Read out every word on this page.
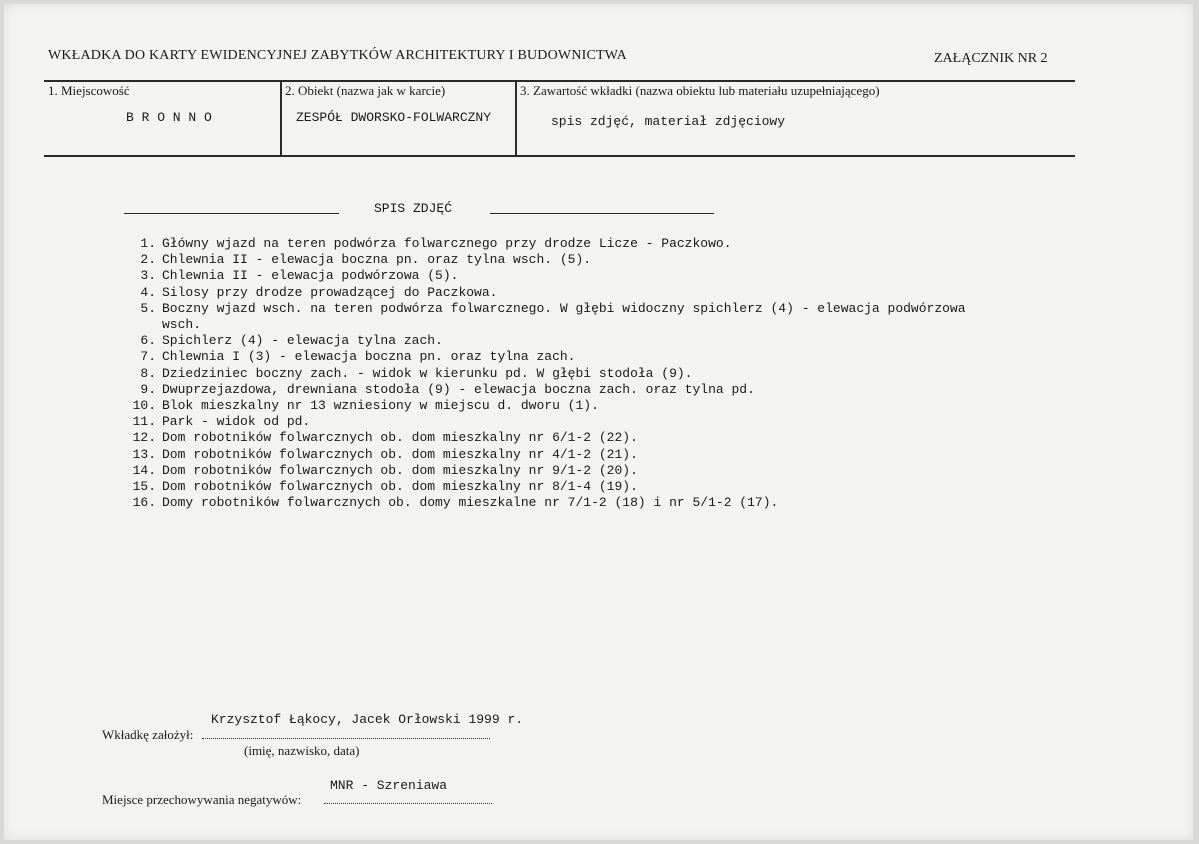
WKŁADKA DO KARTY EWIDENCYJNEJ ZABYTKÓW ARCHITEKTURY I BUDOWNICTWA	ZAŁĄCZNIK NR 2
1. Miejscowość
B R O N N O
2. Obiekt (nazwa jak w karcie)
ZESPÓŁ DWORSKO-FOLWARCZNY
3. Zawartość wkładki (nazwa obiektu lub materiału uzupełniającego)
spis zdjęć, materiał zdjęciowy
SPIS ZDJĘĆ
1. Główny wjazd na teren podwórza folwarcznego przy drodze Licze - Paczkowo.
2. Chlewnia II - elewacja boczna pn. oraz tylna wsch. (5).
3. Chlewnia II - elewacja podwórzowa (5).
4. Silosy przy drodze prowadzącej do Paczkowa.
5. Boczny wjazd wsch. na teren podwórza folwarcznego. W głębi widoczny spichlerz (4) - elewacja podwórzowa wsch.
6. Spichlerz (4) - elewacja tylna zach.
7. Chlewnia I (3) - elewacja boczna pn. oraz tylna zach.
8. Dziedziniec boczny zach. - widok w kierunku pd. W głębi stodoła (9).
9. Dwuprzejazdowa, drewniana stodoła (9) - elewacja boczna zach. oraz tylna pd.
10. Blok mieszkalny nr 13 wzniesiony w miejscu d. dworu (1).
11. Park - widok od pd.
12. Dom robotników folwarcznych ob. dom mieszkalny nr 6/1-2 (22).
13. Dom robotników folwarcznych ob. dom mieszkalny nr 4/1-2 (21).
14. Dom robotników folwarcznych ob. dom mieszkalny nr 9/1-2 (20).
15. Dom robotników folwarcznych ob. dom mieszkalny nr 8/1-4 (19).
16. Domy robotników folwarcznych ob. domy mieszkalne nr 7/1-2 (18) i nr 5/1-2 (17).
Krzysztof Łąkocy, Jacek Orłowski 1999 r.
Wkładkę założył:
(imię, nazwisko, data)
MNR - Szreniawa
Miejsce przechowywania negatywów:
